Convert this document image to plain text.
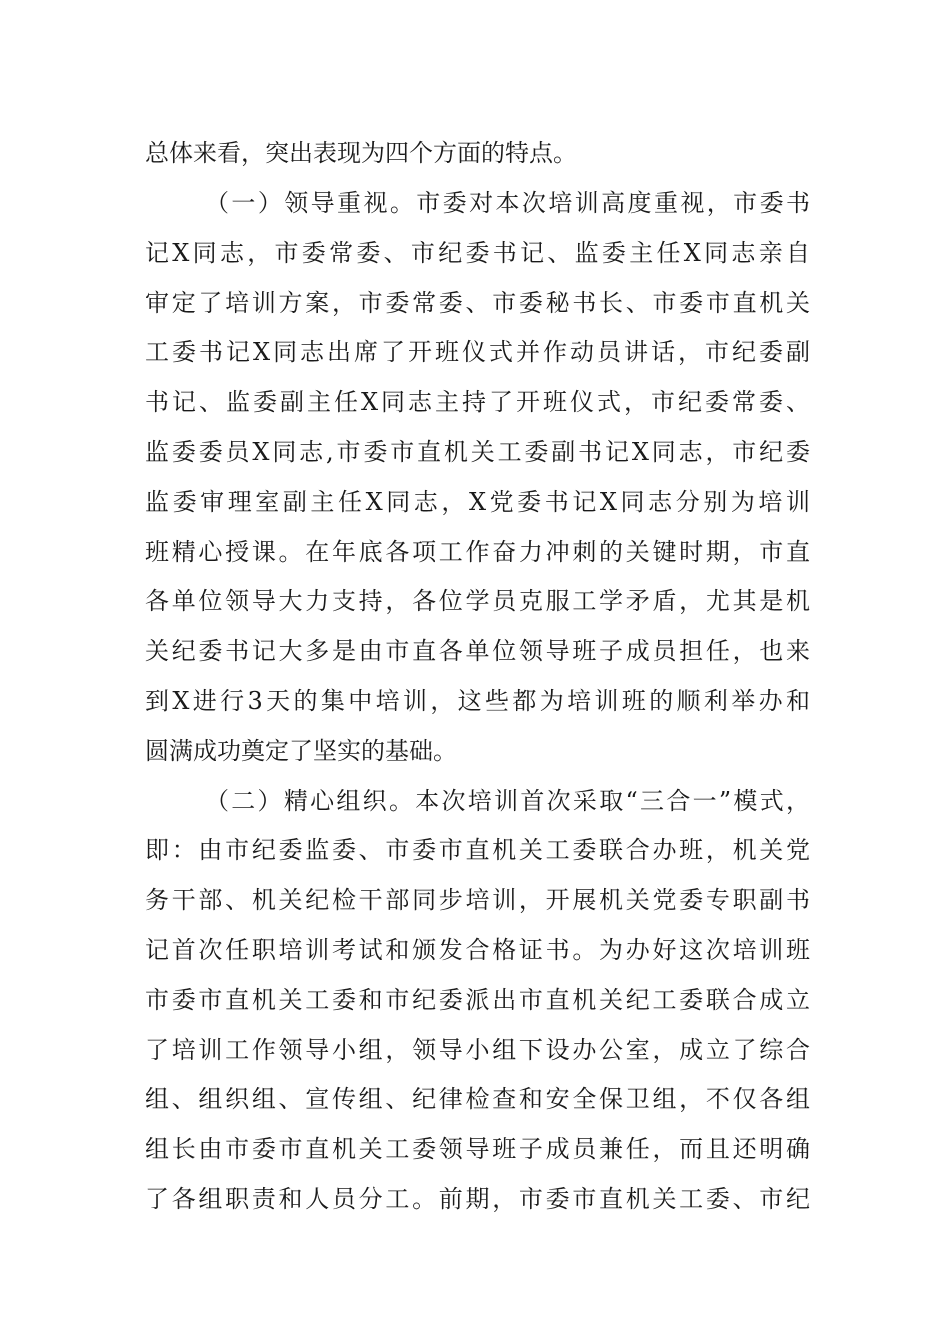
总体来看，突出表现为四个方面的特点。
（一）领导重视。市委对本次培训高度重视，市委书
记X同志，市委常委、市纪委书记、监委主任X同志亲自
审定了培训方案，市委常委、市委秘书长、市委市直机关
工委书记X同志出席了开班仪式并作动员讲话，市纪委副
书记、监委副主任X同志主持了开班仪式，市纪委常委、
监委委员X同志,市委市直机关工委副书记X同志，市纪委
监委审理室副主任X同志，X党委书记X同志分别为培训
班精心授课。在年底各项工作奋力冲刺的关键时期，市直
各单位领导大力支持，各位学员克服工学矛盾，尤其是机
关纪委书记大多是由市直各单位领导班子成员担任，也来
到X进行3天的集中培训，这些都为培训班的顺利举办和
圆满成功奠定了坚实的基础。
（二）精心组织。本次培训首次采取“三合一”模式，
即：由市纪委监委、市委市直机关工委联合办班，机关党
务干部、机关纪检干部同步培训，开展机关党委专职副书
记首次任职培训考试和颁发合格证书。为办好这次培训班
市委市直机关工委和市纪委派出市直机关纪工委联合成立
了培训工作领导小组，领导小组下设办公室，成立了综合
组、组织组、宣传组、纪律检查和安全保卫组，不仅各组
组长由市委市直机关工委领导班子成员兼任，而且还明确
了各组职责和人员分工。前期，市委市直机关工委、市纪
